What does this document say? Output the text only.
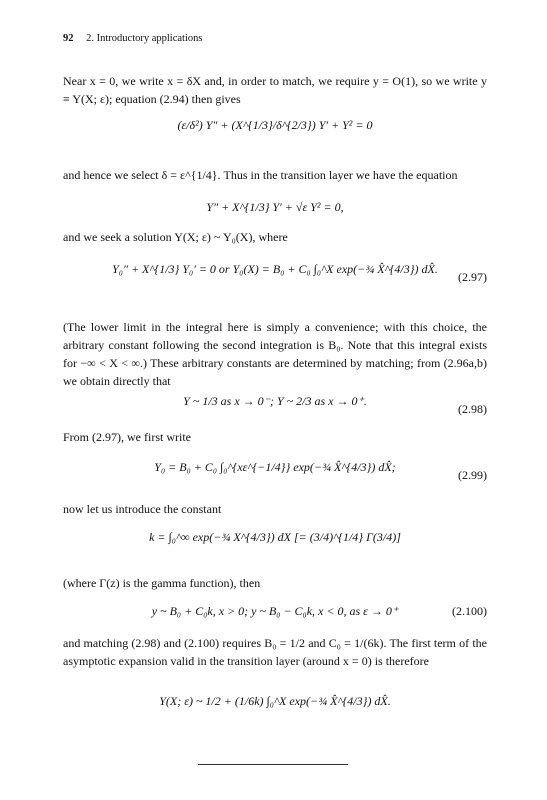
92 2. Introductory applications
Near x = 0, we write x = δX and, in order to match, we require y = O(1), so we write y ≡ Y(X; ε); equation (2.94) then gives
(ε/δ²) Y″ + (X^{1/3}/δ^{2/3}) Y′ + Y² = 0
and hence we select δ = ε^{1/4}. Thus in the transition layer we have the equation
Y″ + X^{1/3} Y′ + √ε Y² = 0,
and we seek a solution Y(X; ε) ~ Y₀(X), where
Y₀″ + X^{1/3} Y₀′ = 0 or Y₀(X) = B₀ + C₀ ∫₀^X exp(−¾ X̂^{4/3}) dX̂.
(2.97)
(The lower limit in the integral here is simply a convenience; with this choice, the arbitrary constant following the second integration is B₀. Note that this integral exists for −∞ < X < ∞.) These arbitrary constants are determined by matching; from (2.96a,b) we obtain directly that
Y ~ 1/3 as x → 0⁻; Y ~ 2/3 as x → 0⁺.
(2.98)
From (2.97), we first write
Y₀ = B₀ + C₀ ∫₀^{xε^{−1/4}} exp(−¾ X̂^{4/3}) dX̂;
(2.99)
now let us introduce the constant
k = ∫₀^∞ exp(−¾ X^{4/3}) dX [= (3/4)^{1/4} Γ(3/4)]
(where Γ(z) is the gamma function), then
y ~ B₀ + C₀k, x > 0; y ~ B₀ − C₀k, x < 0, as ε → 0⁺	(2.100)
and matching (2.98) and (2.100) requires B₀ = 1/2 and C₀ = 1/(6k). The first term of the asymptotic expansion valid in the transition layer (around x = 0) is therefore
Y(X; ε) ~ 1/2 + (1/6k) ∫₀^X exp(−¾ X̂^{4/3}) dX̂.
